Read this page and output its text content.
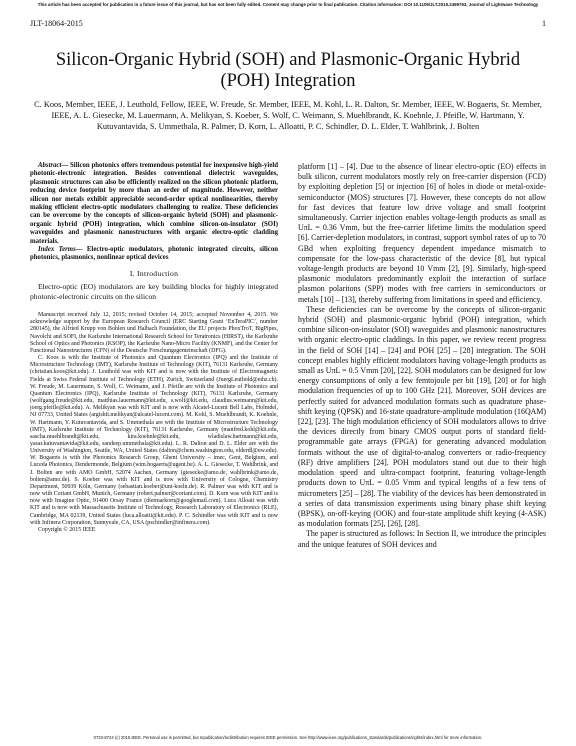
This article has been accepted for publication in a future issue of this journal, but has not been fully edited. Content may change prior to final publication. Citation information: DOI 10.1109/JLT.2015.2499763, Journal of Lightwave Technology
JLT-18064-2015	1
Silicon-Organic Hybrid (SOH) and Plasmonic-Organic Hybrid (POH) Integration
C. Koos, Member, IEEE, J. Leuthold, Fellow, IEEE, W. Freude, Sr. Member, IEEE, M. Kohl, L. R. Dalton, Sr. Member, IEEE, W. Bogaerts, Sr. Member, IEEE, A. L. Giesecke, M. Lauermann, A. Melikyan, S. Koeber, S. Wolf, C. Weimann, S. Muehlbrandt, K. Koehnle, J. Pfeifle, W. Hartmann, Y. Kutuvantavida, S. Ummethala, R. Palmer, D. Korn, L. Alloatti, P. C. Schindler, D. L. Elder, T. Wahlbrink, J. Bolten

Abstract— Silicon photonics offers tremendous potential for inexpensive high-yield photonic-electronic integration. Besides conventional dielectric waveguides, plasmonic structures can also be efficiently realized on the silicon photonic platform, reducing device footprint by more than an order of magnitude. However, neither silicon nor metals exhibit appreciable second-order optical nonlinearities, thereby making efficient electro-optic modulators challenging to realize. These deficiencies can be overcome by the concepts of silicon-organic hybrid (SOH) and plasmonic-organic hybrid (POH) integration, which combine silicon-on-insulator (SOI) waveguides and plasmonic nanostructures with organic electro-optic cladding materials.

Index Terms— Electro-optic modulators, photonic integrated circuits, silicon photonics, plasmonics, nonlinear optical devices

I. Introduction

Electro-optic (EO) modulators are key building blocks for highly integrated photonic-electronic circuits on the silicon

Manuscript received July 12, 2015; revised October 14, 2015; accepted November 4, 2015. We acknowledge support by the European Research Council (ERC Starting Grant ‘EnTeraPIC’, number 280145), the Alfried Krupp von Bohlen und Halbach Foundation, the EU projects PhoxTroT, BigPipes, Navolchi and SOFI, the Karlsruhe International Research School for Teratronics (HIRST), the Karlsruhe School of Optics and Photonics (KSOP), the Karlsruhe Nano-Micro Facility (KNMF), and the Center for Functional Nanostructures (CFN) of the Deutsche Forschungsgemeinschaft (DFG).

C. Koos is with the Institute of Photonics and Quantum Electronics (IPQ) and the Institute of Microstructure Technology (IMT), Karlsruhe Institute of Technology (KIT), 76131 Karlsruhe, Germany (christian.koos@kit.edu). J. Leuthold was with KIT and is now with the Institute of Electromagnetic Fields at Swiss Federal Institute of Technology (ETH), Zurich, Switzerland (JuergLeuthold@ethz.ch). W. Freude, M. Lauermann, S. Wolf, C. Weimann, and J. Pfeifle are with the Institute of Photonics and Quantum Electronics (IPQ), Karlsruhe Institute of Technology (KIT), 76131 Karlsruhe, Germany (wolfgang.freude@kit.edu, matthias.lauermann@kit.edu, s.wolf@kit.edu, claudius.weimann@kit.edu, joerg.pfeifle@kit.edu). A. Melikyan was with KIT and is now with Alcatel-Lucent Bell Labs, Holmdel, NJ 07733, United States (argishti.melikyan@alcatel-lucent.com). M. Kohl, S. Muehlbrandt, K. Koehnle, W. Hartmann, Y. Kutuvantavida, and S. Ummethala are with the Institute of Microstructure Technology (IMT), Karlsruhe Institute of Technology (KIT), 76131 Karlsruhe, Germany (manfred.kohl@kit.edu, sascha.muehlbrandt@kit.edu, kira.koehnle@kit.edu, wladislaw.hartmann@kit.edu, yasar.kutuvantavida@kit.edu, sandeep.ummethala@kit.edu). L. R. Dalton and D. L. Elder are with the University of Washington, Seattle, WA, United States (dalton@chem.washington.edu, elderdl@uw.edu). W. Bogaerts is with the Photonics Research Group, Ghent University – imec, Gent, Belgium, and Luceda Photonics, Dendermonde, Belgium (wim.bogaerts@ugent.be). A. L. Giesecke, T. Wahlbrink, and J. Bolten are with AMO GmbH, 52074 Aachen, Germany (giesecke@amo.de, wahlbrink@amo.de, bolten@amo.de). S. Koeber was with KIT and is now with University of Cologne, Chemistry Department, 50939 Köln, Germany (sebastian.koeber@uni-koeln.de). R. Palmer was with KIT and is now with Coriant GmbH, Munich, Germany (robert.palmer@coriant.com). D. Korn was with KIT and is now with Imagine Optic, 91400 Orsay France (dietmarkorn@googlemail.com). Luca Alloati was with KIT and is now with Massachusetts Institute of Technology, Research Laboratory of Electronics (RLE), Cambridge, MA 02139, United States (luca.alloatti@kit.edu). P. C. Schindler was with KIT and is now with Infinera Corporation, Sunnyvale, CA, USA (pschindler@infinera.com).

Copyright © 2015 IEEE

platform [1] – [4]. Due to the absence of linear electro-optic (EO) effects in bulk silicon, current modulators mostly rely on free-carrier dispersion (FCD) by exploiting depletion [5] or injection [6] of holes in diode or metal-oxide-semiconductor (MOS) structures [7]. However, these concepts do not allow for fast devices that feature low drive voltage and small footprint simultaneously. Carrier injection enables voltage-length products as small as UπL = 0.36 Vmm, but the free-carrier lifetime limits the modulation speed [6]. Carrier-depletion modulators, in contrast, support symbol rates of up to 70 GBd when exploiting frequency dependent impedance mismatch to compensate for the low-pass characteristic of the device [8], but typical voltage-length products are beyond 10 Vmm [2], [9]. Similarly, high-speed plasmonic modulators predominantly exploit the interaction of surface plasmon polaritons (SPP) modes with free carriers in semiconductors or metals [10] – [13], thereby suffering from limitations in speed and efficiency.

These deficiencies can be overcome by the concepts of silicon-organic hybrid (SOH) and plasmonic-organic hybrid (POH) integration, which combine silicon-on-insulator (SOI) waveguides and plasmonic nanostructures with organic electro-optic claddings. In this paper, we review recent progress in the field of SOH [14] – [24] and POH [25] – [28] integration. The SOH concept enables highly efficient modulators having voltage-length products as small as UπL = 0.5 Vmm [20], [22]. SOH modulators can be designed for low energy consumptions of only a few femtojoule per bit [19], [20] or for high modulation frequencies of up to 100 GHz [21]. Moreover, SOH devices are perfectly suited for advanced modulation formats such as quadrature phase-shift keying (QPSK) and 16-state quadrature-amplitude modulation (16QAM) [22], [23]. The high modulation efficiency of SOH modulators allows to drive the devices directly from binary CMOS output ports of standard field-programmable gate arrays (FPGA) for generating advanced modulation formats without the use of digital-to-analog converters or radio-frequency (RF) drive amplifiers [24]. POH modulators stand out due to their high modulation speed and ultra-compact footprint, featuring voltage-length products down to UπL = 0.05 Vmm and typical lengths of a few tens of micrometers [25] – [28]. The viability of the devices has been demonstrated in a series of data transmission experiments using binary phase shift keying (BPSK), on-off-keying (OOK) and four-state amplitude shift keying (4-ASK) as modulation formats [25], [26], [28].

The paper is structured as follows: In Section II, we introduce the principles and the unique features of SOH devices and

0733-8724 (c) 2015 IEEE. Personal use is permitted, but republication/redistribution requires IEEE permission. See http://www.ieee.org/publications_standards/publications/rights/index.html for more information.
